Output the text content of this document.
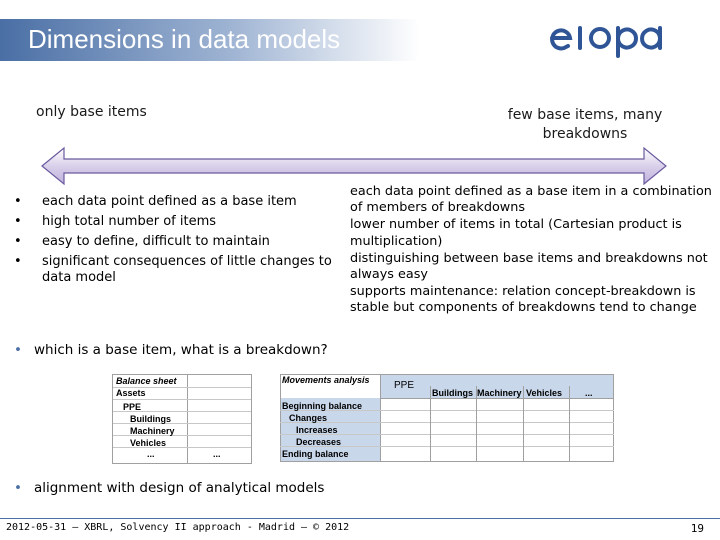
Dimensions in data models
only base items	few base items, many breakdowns
• each data point defined as a base item
• high total number of items
• easy to define, difficult to maintain
• significant consequences of little changes to data model
each data point defined as a base item in a combination of members of breakdowns
lower number of items in total (Cartesian product is multiplication)
distinguishing between base items and breakdowns not always easy
supports maintenance: relation concept-breakdown is stable but components of breakdowns tend to change
• which is a base item, what is a breakdown?
Balance sheet
Assets
PPE
Buildings
Machinery
Vehicles
...	...
Movements analysis PPE
Buildings Machinery Vehicles	...
Beginning balance
Changes
Increases
Decreases
Ending balance
• alignment with design of analytical models
2012-05-31 – XBRL, Solvency II approach - Madrid – © 2012	19
